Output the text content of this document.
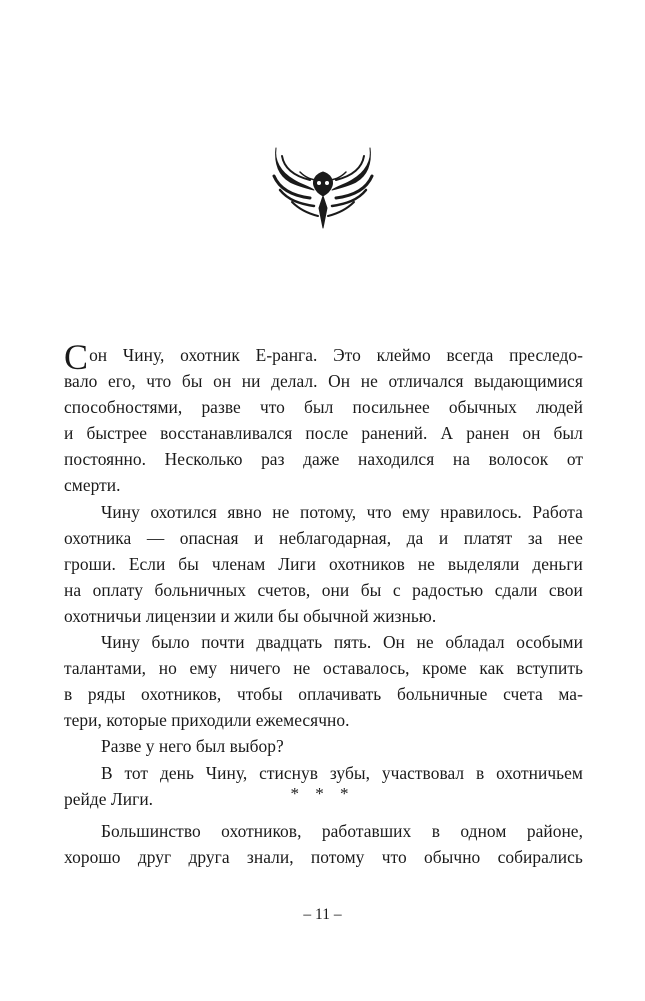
С он Чину, охотник Е-ранга. Это клеймо всегда преследо-
вало его, что бы он ни делал. Он не отличался выдающимися
способностями, разве что был посильнее обычных людей
и быстрее восстанавливался после ранений. А ранен он был
постоянно. Несколько раз даже находился на волосок от
смерти.
Чину охотился явно не потому, что ему нравилось. Работа
охотника — опасная и неблагодарная, да и платят за нее
гроши. Если бы членам Лиги охотников не выделяли деньги
на оплату больничных счетов, они бы с радостью сдали свои
охотничьи лицензии и жили бы обычной жизнью.
Чину было почти двадцать пять. Он не обладал особыми
талантами, но ему ничего не оставалось, кроме как вступить
в ряды охотников, чтобы оплачивать больничные счета ма-
тери, которые приходили ежемесячно.
Разве у него был выбор?
В тот день Чину, стиснув зубы, участвовал в охотничьем
рейде Лиги.	* * *
Большинство охотников, работавших в одном районе,
хорошо друг друга знали, потому что обычно собирались
– 11 –
